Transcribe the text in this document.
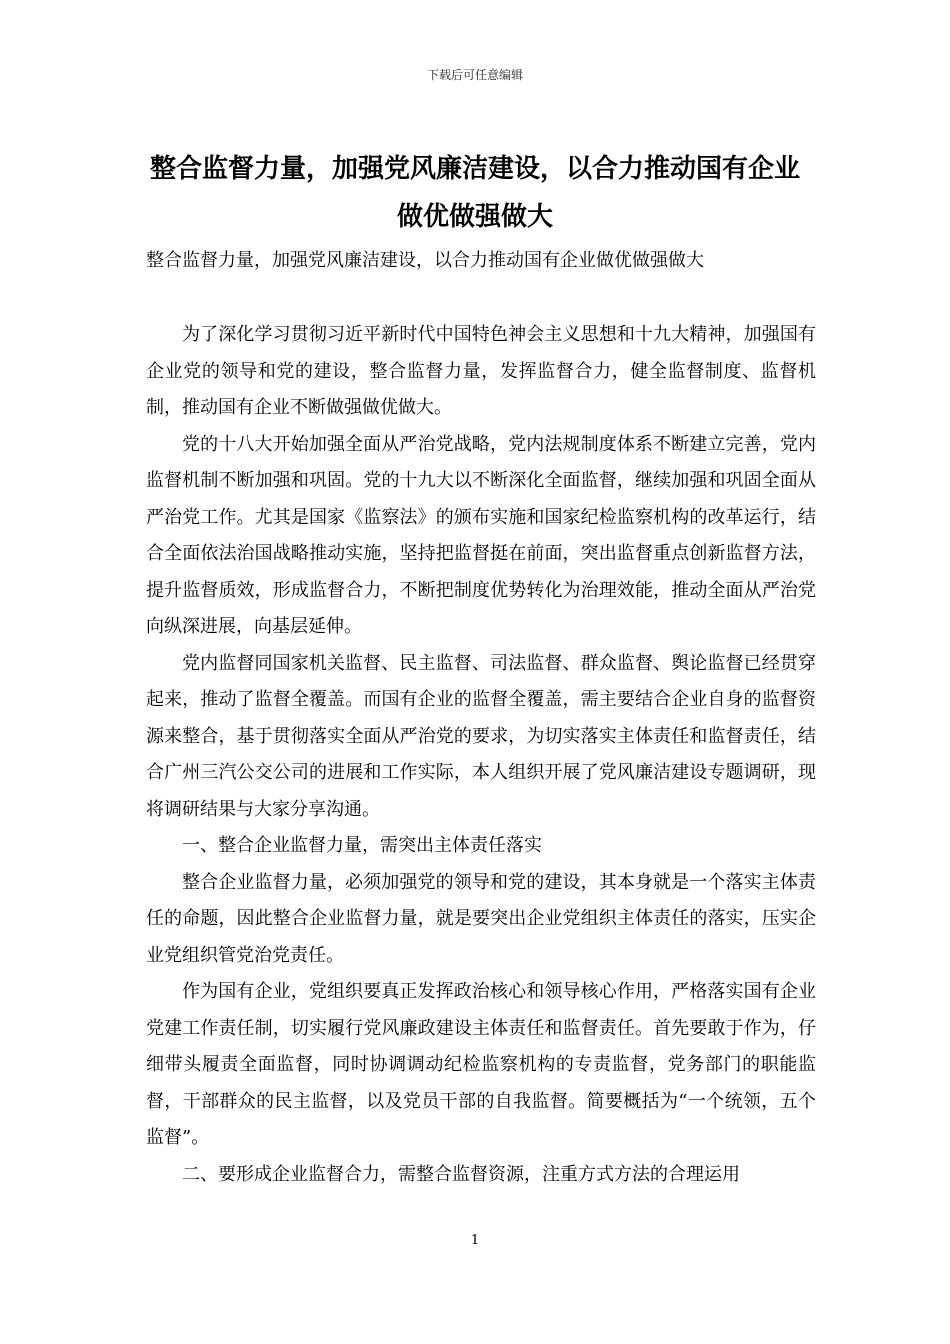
下载后可任意编辑
整合监督力量，加强党风廉洁建设，以合力推动国有企业
做优做强做大
整合监督力量，加强党风廉洁建设，以合力推动国有企业做优做强做大

为了深化学习贯彻习近平新时代中国特色神会主义思想和十九大精神，加强国有企业党的领导和党的建设，整合监督力量，发挥监督合力，健全监督制度、监督机制，推动国有企业不断做强做优做大。

党的十八大开始加强全面从严治党战略，党内法规制度体系不断建立完善，党内监督机制不断加强和巩固。党的十九大以不断深化全面监督，继续加强和巩固全面从严治党工作。尤其是国家《监察法》的颁布实施和国家纪检监察机构的改革运行，结合全面依法治国战略推动实施，坚持把监督挺在前面，突出监督重点创新监督方法，提升监督质效，形成监督合力，不断把制度优势转化为治理效能，推动全面从严治党向纵深进展，向基层延伸。

党内监督同国家机关监督、民主监督、司法监督、群众监督、舆论监督已经贯穿起来，推动了监督全覆盖。而国有企业的监督全覆盖，需主要结合企业自身的监督资源来整合，基于贯彻落实全面从严治党的要求，为切实落实主体责任和监督责任，结合广州三汽公交公司的进展和工作实际，本人组织开展了党风廉洁建设专题调研，现将调研结果与大家分享沟通。

一、整合企业监督力量，需突出主体责任落实

整合企业监督力量，必须加强党的领导和党的建设，其本身就是一个落实主体责任的命题，因此整合企业监督力量，就是要突出企业党组织主体责任的落实，压实企业党组织管党治党责任。

作为国有企业，党组织要真正发挥政治核心和领导核心作用，严格落实国有企业党建工作责任制，切实履行党风廉政建设主体责任和监督责任。首先要敢于作为，仔细带头履责全面监督，同时协调调动纪检监察机构的专责监督，党务部门的职能监督，干部群众的民主监督，以及党员干部的自我监督。简要概括为“一个统领，五个监督”。

二、要形成企业监督合力，需整合监督资源，注重方式方法的合理运用

1
